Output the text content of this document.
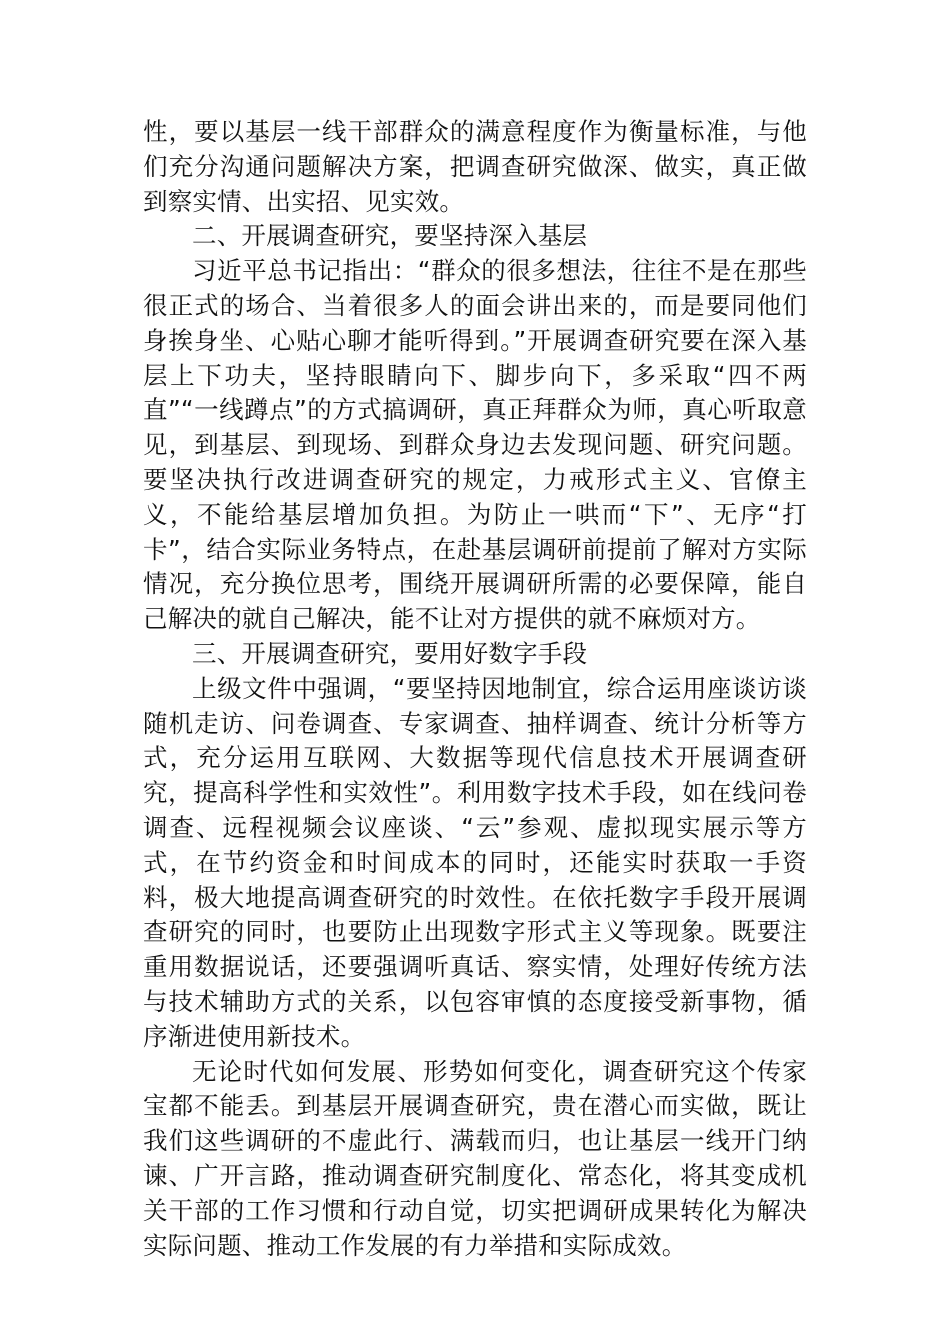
性，要以基层一线干部群众的满意程度作为衡量标准，与他们充分沟通问题解决方案，把调查研究做深、做实，真正做到察实情、出实招、见实效。

二、开展调查研究，要坚持深入基层

习近平总书记指出：“群众的很多想法，往往不是在那些很正式的场合、当着很多人的面会讲出来的，而是要同他们身挨身坐、心贴心聊才能听得到。”开展调查研究要在深入基层上下功夫，坚持眼睛向下、脚步向下，多采取“四不两直”“一线蹲点”的方式搞调研，真正拜群众为师，真心听取意见，到基层、到现场、到群众身边去发现问题、研究问题。要坚决执行改进调查研究的规定，力戒形式主义、官僚主义，不能给基层增加负担。为防止一哄而“下”、无序“打卡”，结合实际业务特点，在赴基层调研前提前了解对方实际情况，充分换位思考，围绕开展调研所需的必要保障，能自己解决的就自己解决，能不让对方提供的就不麻烦对方。

三、开展调查研究，要用好数字手段

上级文件中强调，“要坚持因地制宜，综合运用座谈访谈随机走访、问卷调查、专家调查、抽样调查、统计分析等方式，充分运用互联网、大数据等现代信息技术开展调查研究，提高科学性和实效性”。利用数字技术手段，如在线问卷调查、远程视频会议座谈、“云”参观、虚拟现实展示等方式，在节约资金和时间成本的同时，还能实时获取一手资料，极大地提高调查研究的时效性。在依托数字手段开展调查研究的同时，也要防止出现数字形式主义等现象。既要注重用数据说话，还要强调听真话、察实情，处理好传统方法与技术辅助方式的关系，以包容审慎的态度接受新事物，循序渐进使用新技术。

无论时代如何发展、形势如何变化，调查研究这个传家宝都不能丢。到基层开展调查研究，贵在潜心而实做，既让我们这些调研的不虚此行、满载而归，也让基层一线开门纳谏、广开言路，推动调查研究制度化、常态化，将其变成机关干部的工作习惯和行动自觉，切实把调研成果转化为解决实际问题、推动工作发展的有力举措和实际成效。
